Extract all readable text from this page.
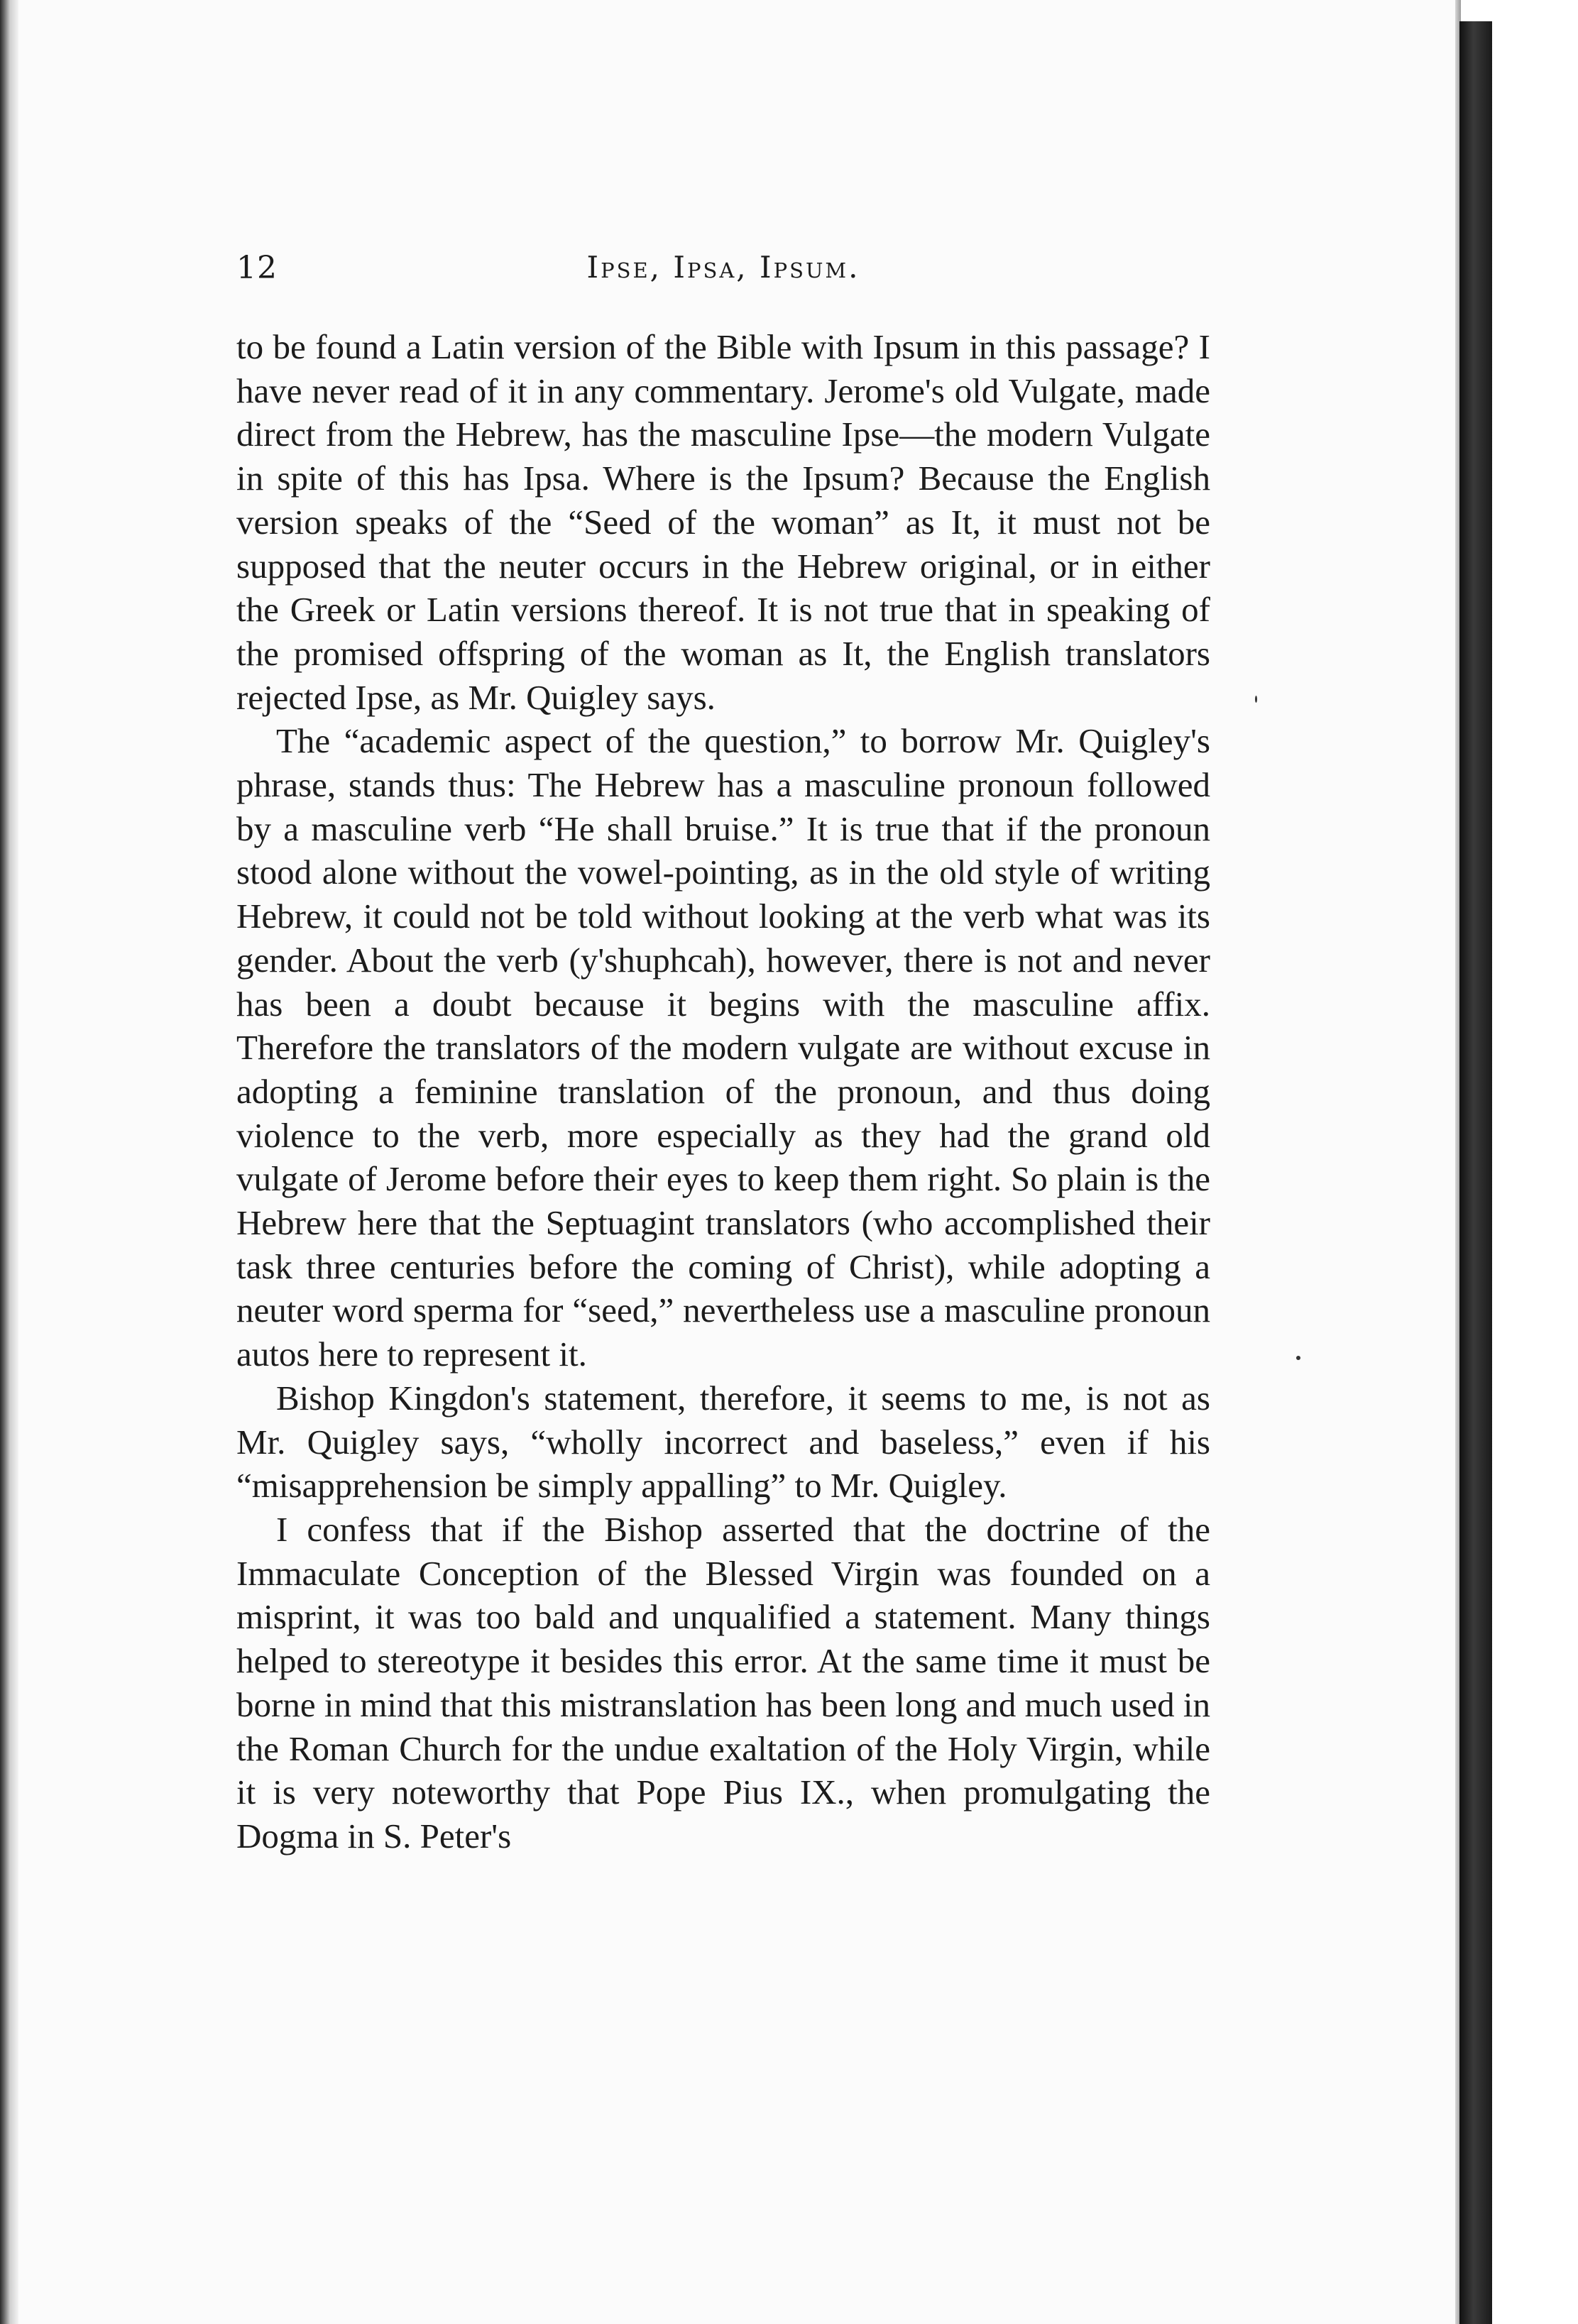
12	Ipse, Ipsa, Ipsum.

to be found a Latin version of the Bible with Ipsum in this passage? I have never read of it in any commentary. Jerome's old Vulgate, made direct from the Hebrew, has the masculine Ipse—the modern Vulgate in spite of this has Ipsa. Where is the Ipsum? Because the English version speaks of the “Seed of the woman” as It, it must not be supposed that the neuter occurs in the Hebrew original, or in either the Greek or Latin versions thereof. It is not true that in speaking of the promised offspring of the woman as It, the English translators rejected Ipse, as Mr. Quigley says.

The “academic aspect of the question,” to borrow Mr. Quigley's phrase, stands thus: The Hebrew has a masculine pronoun followed by a masculine verb “He shall bruise.” It is true that if the pronoun stood alone without the vowel-pointing, as in the old style of writing Hebrew, it could not be told without looking at the verb what was its gender. About the verb (y'shuphcah), however, there is not and never has been a doubt because it begins with the masculine affix. Therefore the translators of the modern vulgate are without excuse in adopting a feminine translation of the pronoun, and thus doing violence to the verb, more especially as they had the grand old vulgate of Jerome before their eyes to keep them right. So plain is the Hebrew here that the Septuagint translators (who accomplished their task three centuries before the coming of Christ), while adopting a neuter word sperma for “seed,” nevertheless use a masculine pronoun autos here to represent it.

Bishop Kingdon's statement, therefore, it seems to me, is not as Mr. Quigley says, “wholly incorrect and baseless,” even if his “misapprehension be simply appalling” to Mr. Quigley.

I confess that if the Bishop asserted that the doctrine of the Immaculate Conception of the Blessed Virgin was founded on a misprint, it was too bald and unqualified a statement. Many things helped to stereotype it besides this error. At the same time it must be borne in mind that this mistranslation has been long and much used in the Roman Church for the undue exaltation of the Holy Virgin, while it is very noteworthy that Pope Pius IX., when promulgating the Dogma in S. Peter's
